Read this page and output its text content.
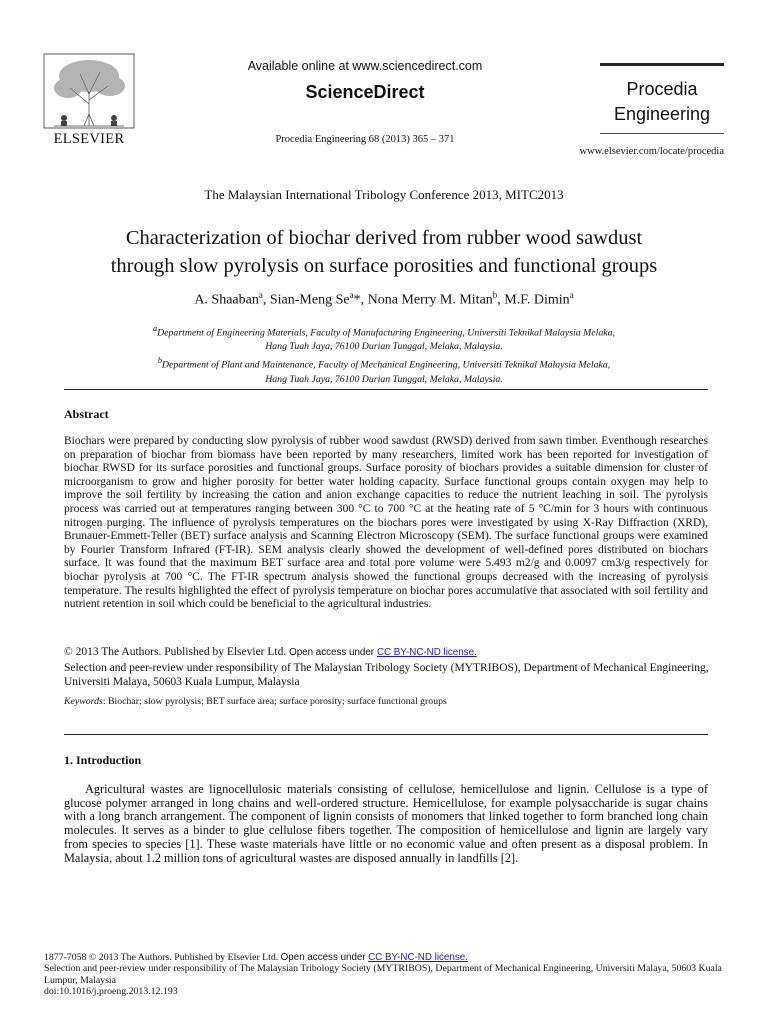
ELSEVIER
Available online at www.sciencedirect.com
ScienceDirect
Procedia Engineering 68 (2013) 365 – 371
Procedia Engineering
www.elsevier.com/locate/procedia
The Malaysian International Tribology Conference 2013, MITC2013
Characterization of biochar derived from rubber wood sawdust
through slow pyrolysis on surface porosities and functional groups
A. Shaaban$^a$, Sian-Meng Se$^a$*, Nona Merry M. Mitan$^b$, M.F. Dimin$^a$
$^a$Department of Engineering Materials, Faculty of Manufacturing Engineering, Universiti Teknikal Malaysia Melaka,
Hang Tuah Jaya, 76100 Durian Tunggal, Melaka, Malaysia.
$^b$Department of Plant and Maintenance, Faculty of Mechanical Engineering, Universiti Teknikal Malaysia Melaka,
Hang Tuah Jaya, 76100 Durian Tunggal, Melaka, Malaysia.
Abstract
Biochars were prepared by conducting slow pyrolysis of rubber wood sawdust (RWSD) derived from sawn timber. Eventhough researches on preparation of biochar from biomass have been reported by many researchers, limited work has been reported for investigation of biochar RWSD for its surface porosities and functional groups. Surface porosity of biochars provides a suitable dimension for cluster of microorganism to grow and higher porosity for better water holding capacity. Surface functional groups contain oxygen may help to improve the soil fertility by increasing the cation and anion exchange capacities to reduce the nutrient leaching in soil. The pyrolysis process was carried out at temperatures ranging between 300 °C to 700 °C at the heating rate of 5 °C/min for 3 hours with continuous nitrogen purging. The influence of pyrolysis temperatures on the biochars pores were investigated by using X-Ray Diffraction (XRD), Brunauer-Emmett-Teller (BET) surface analysis and Scanning Electron Microscopy (SEM). The surface functional groups were examined by Fourier Transform Infrared (FT-IR). SEM analysis clearly showed the development of well-defined pores distributed on biochars surface. It was found that the maximum BET surface area and total pore volume were 5.493 m2/g and 0.0097 cm3/g respectively for biochar pyrolysis at 700 °C. The FT-IR spectrum analysis showed the functional groups decreased with the increasing of pyrolysis temperature. The results highlighted the effect of pyrolysis temperature on biochar pores accumulative that associated with soil fertility and nutrient retention in soil which could be beneficial to the agricultural industries.
© 2013 The Authors. Published by Elsevier Ltd. Open access under CC BY-NC-ND license.
Selection and peer-review under responsibility of The Malaysian Tribology Society (MYTRIBOS), Department of Mechanical Engineering, Universiti Malaya, 50603 Kuala Lumpur, Malaysia
Keywords: Biochar; slow pyrolysis; BET surface area; surface porosity; surface functional groups
1. Introduction
Agricultural wastes are lignocellulosic materials consisting of cellulose, hemicellulose and lignin. Cellulose is a type of glucose polymer arranged in long chains and well-ordered structure. Hemicellulose, for example polysaccharide is sugar chains with a long branch arrangement. The component of lignin consists of monomers that linked together to form branched long chain molecules. It serves as a binder to glue cellulose fibers together. The composition of hemicellulose and lignin are largely vary from species to species [1]. These waste materials have little or no economic value and often present as a disposal problem. In Malaysia, about 1.2 million tons of agricultural wastes are disposed annually in landfills [2].
1877-7058 © 2013 The Authors. Published by Elsevier Ltd. Open access under CC BY-NC-ND license.
Selection and peer-review under responsibility of The Malaysian Tribology Society (MYTRIBOS), Department of Mechanical Engineering, Universiti Malaya, 50603 Kuala Lumpur, Malaysia
doi:10.1016/j.proeng.2013.12.193
